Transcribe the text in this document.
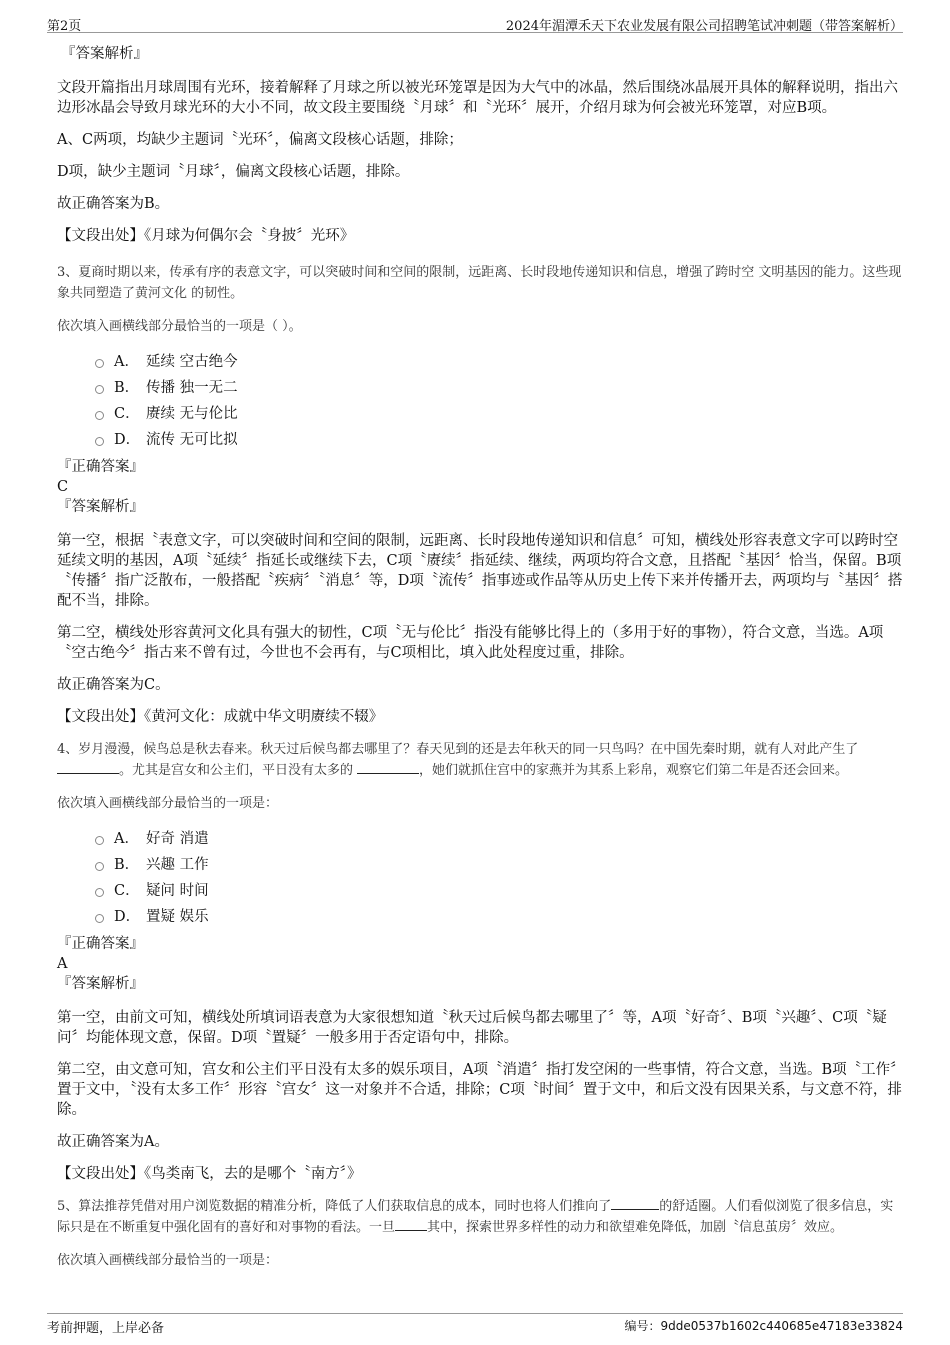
第2页	2024年湄潭禾天下农业发展有限公司招聘笔试冲刺题（带答案解析）

『答案解析』

文段开篇指出月球周围有光环，接着解释了月球之所以被光环笼罩是因为大气中的冰晶，然后围绕冰晶展开具体的解释说明，指出六边形冰晶会导致月球光环的大小不同，故文段主要围绕〝月球〞和〝光环〞展开，介绍月球为何会被光环笼罩，对应B项。

A、C两项，均缺少主题词〝光环〞，偏离文段核心话题，排除；

D项，缺少主题词〝月球〞，偏离文段核心话题，排除。

故正确答案为B。

【文段出处】《月球为何偶尔会〝身披〞光环》

3、夏商时期以来，传承有序的表意文字，可以突破时间和空间的限制，远距离、长时段地传递知识和信息，增强了跨时空 文明基因的能力。这些现象共同塑造了黄河文化 的韧性。

依次填入画横线部分最恰当的一项是（ ）。

A． 延续 空古绝今
B． 传播 独一无二
C． 赓续 无与伦比
D． 流传 无可比拟

『正确答案』

C

『答案解析』

第一空，根据〝表意文字，可以突破时间和空间的限制，远距离、长时段地传递知识和信息〞可知，横线处形容表意文字可以跨时空延续文明的基因，A项〝延续〞指延长或继续下去，C项〝赓续〞指延续、继续，两项均符合文意，且搭配〝基因〞恰当，保留。B项〝传播〞指广泛散布，一般搭配〝疾病〞〝消息〞等，D项〝流传〞指事迹或作品等从历史上传下来并传播开去，两项均与〝基因〞搭配不当，排除。

第二空，横线处形容黄河文化具有强大的韧性，C项〝无与伦比〞指没有能够比得上的（多用于好的事物），符合文意，当选。A项〝空古绝今〞指古来不曾有过，今世也不会再有，与C项相比，填入此处程度过重，排除。

故正确答案为C。

【文段出处】《黄河文化：成就中华文明赓续不辍》

4、岁月漫漫，候鸟总是秋去春来。秋天过后候鸟都去哪里了？春天见到的还是去年秋天的同一只鸟吗？在中国先秦时期，就有人对此产生了。尤其是宫女和公主们，平日没有太多的	，她们就抓住宫中的家燕并为其系上彩帛，观察它们第二年是否还会回来。

依次填入画横线部分最恰当的一项是：

A． 好奇 消遣
B． 兴趣 工作
C． 疑问 时间
D． 置疑 娱乐

『正确答案』

A

『答案解析』

第一空，由前文可知，横线处所填词语表意为大家很想知道〝秋天过后候鸟都去哪里了〞等，A项〝好奇〞、B项〝兴趣〞、C项〝疑问〞均能体现文意，保留。D项〝置疑〞一般多用于否定语句中，排除。

第二空，由文意可知，宫女和公主们平日没有太多的娱乐项目，A项〝消遣〞指打发空闲的一些事情，符合文意，当选。B项〝工作〞置于文中，〝没有太多工作〞形容〝宫女〞这一对象并不合适，排除；C项〝时间〞置于文中，和后文没有因果关系，与文意不符，排除。

故正确答案为A。

【文段出处】《鸟类南飞，去的是哪个〝南方〞》

5、算法推荐凭借对用户浏览数据的精准分析，降低了人们获取信息的成本，同时也将人们推向了	的舒适圈。人们看似浏览了很多信息，实际只是在不断重复中强化固有的喜好和对事物的看法。一旦 其中，探索世界多样性的动力和欲望难免降低，加剧〝信息茧房〞效应。

依次填入画横线部分最恰当的一项是：

考前押题，上岸必备	编号：9dde0537b1602c440685e47183e33824
